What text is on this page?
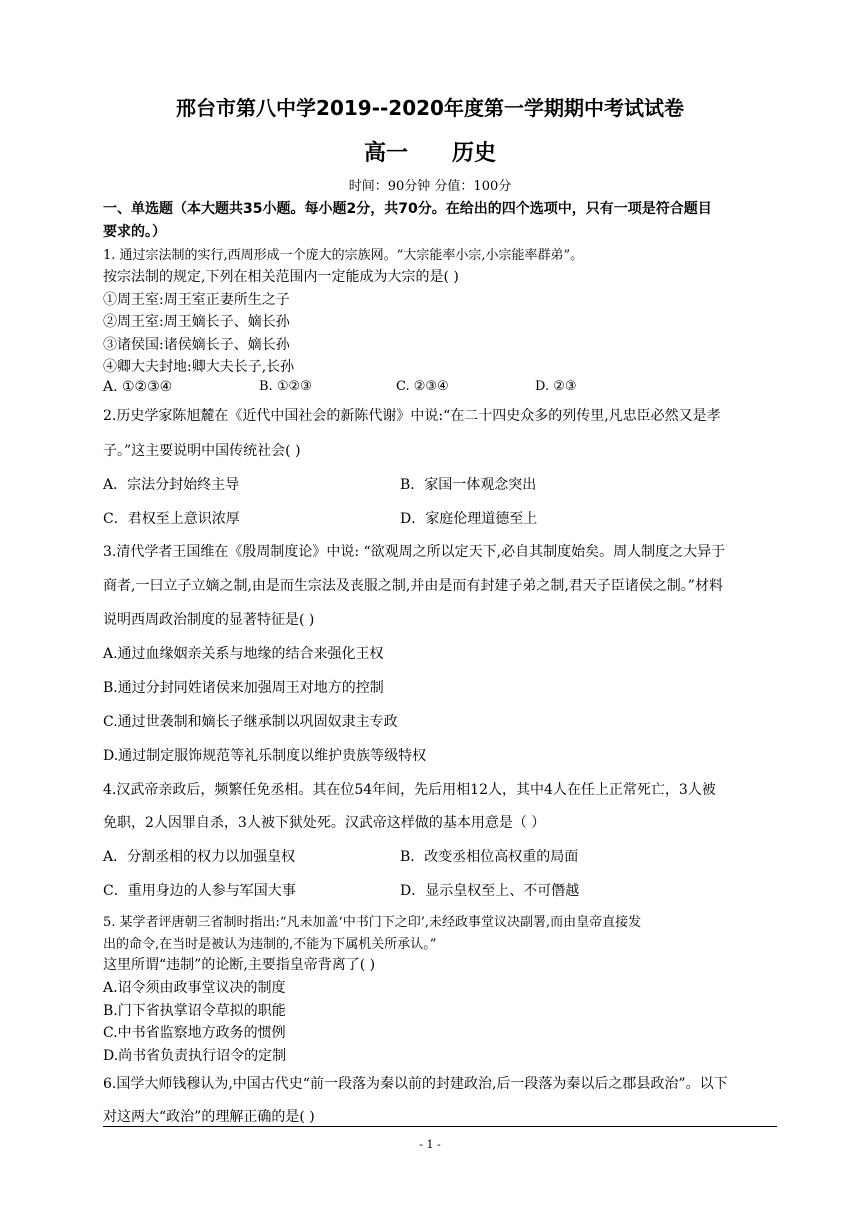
邢台市第八中学2019--2020年度第一学期期中考试试卷
高一 历史
时间：90分钟 分值：100分
一、单选题（本大题共35小题。每小题2分，共70分。在给出的四个选项中，只有一项是符合题目
要求的。）
1. 通过宗法制的实行,西周形成一个庞大的宗族网。“大宗能率小宗,小宗能率群弟”。
按宗法制的规定,下列在相关范围内一定能成为大宗的是( )
①周王室:周王室正妻所生之子
②周王室:周王嫡长子、嫡长孙
③诸侯国:诸侯嫡长子、嫡长孙
④卿大夫封地:卿大夫长子,长孙
A. ①②③④	B. ①②③	C. ②③④	D. ②③
2.历史学家陈旭麓在《近代中国社会的新陈代谢》中说:“在二十四史众多的列传里,凡忠臣必然又是孝
子。”这主要说明中国传统社会( )
A．宗法分封始终主导	B．家国一体观念突出
C．君权至上意识浓厚	D．家庭伦理道德至上
3.清代学者王国维在《殷周制度论》中说: “欲观周之所以定天下,必自其制度始矣。周人制度之大异于
商者,一曰立子立嫡之制,由是而生宗法及丧服之制,并由是而有封建子弟之制,君天子臣诸侯之制。”材料
说明西周政治制度的显著特征是( )
A.通过血缘姻亲关系与地缘的结合来强化王权
B.通过分封同姓诸侯来加强周王对地方的控制
C.通过世袭制和嫡长子继承制以巩固奴隶主专政
D.通过制定服饰规范等礼乐制度以维护贵族等级特权
4.汉武帝亲政后，频繁任免丞相。其在位54年间，先后用相12人，其中4人在任上正常死亡，3人被
免职，2人因罪自杀，3人被下狱处死。汉武帝这样做的基本用意是（ ）
A．分割丞相的权力以加强皇权	B．改变丞相位高权重的局面
C．重用身边的人参与军国大事	D．显示皇权至上、不可僭越
5. 某学者评唐朝三省制时指出:“凡未加盖‘中书门下之印’,未经政事堂议决副署,而由皇帝直接发
出的命令,在当时是被认为违制的,不能为下属机关所承认。”
这里所谓“违制”的论断,主要指皇帝背离了( )
A.诏令须由政事堂议决的制度
B.门下省执掌诏令草拟的职能
C.中书省监察地方政务的惯例
D.尚书省负责执行诏令的定制
6.国学大师钱穆认为,中国古代史“前一段落为秦以前的封建政治,后一段落为秦以后之郡县政治”。以下
对这两大“政治”的理解正确的是( )
- 1 -
